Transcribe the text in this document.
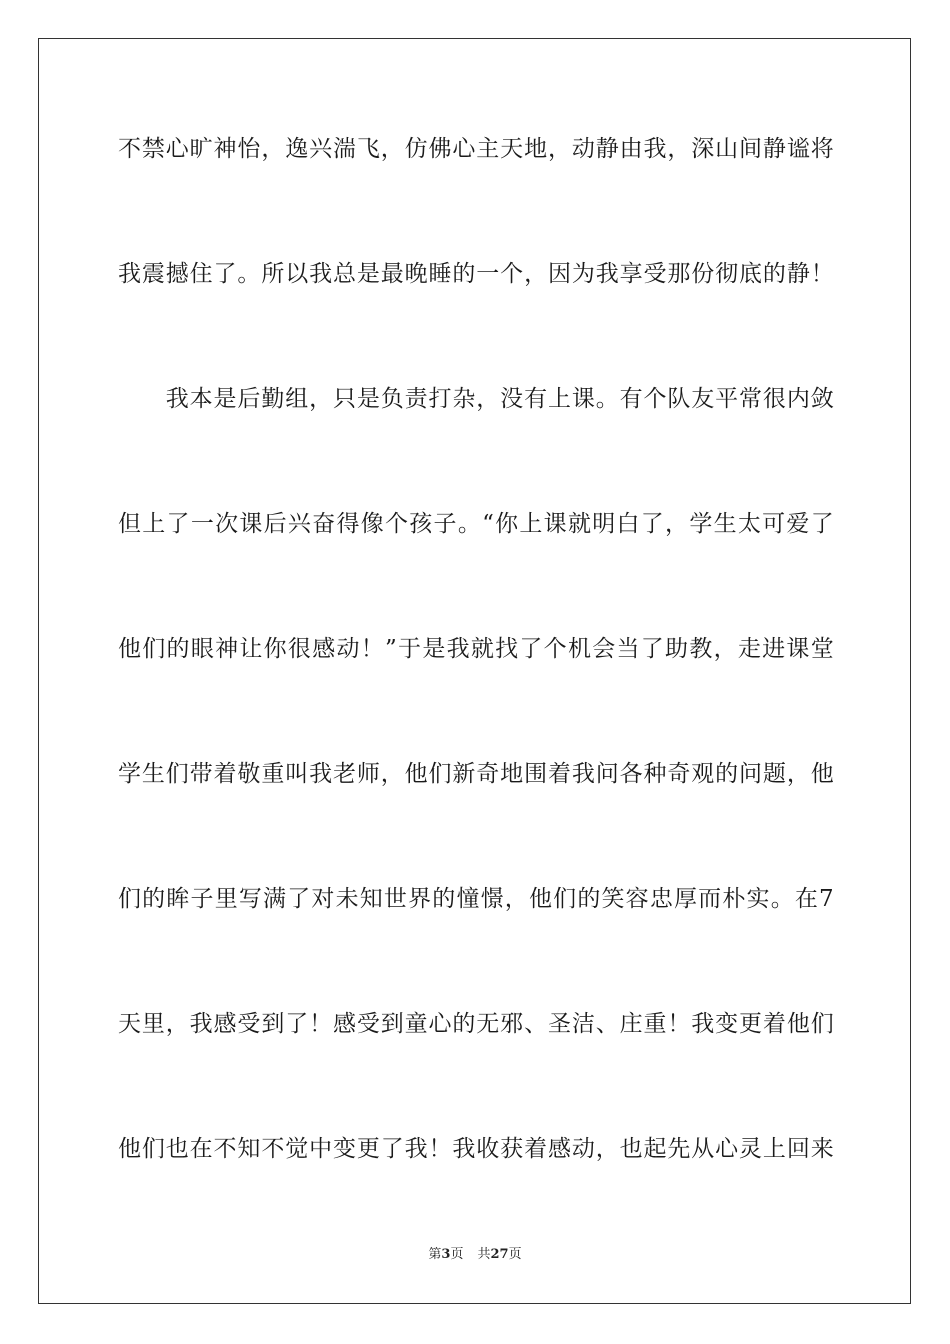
不禁心旷神怡，逸兴湍飞，仿佛心主天地，动静由我，深山间静谧将
我震撼住了。所以我总是最晚睡的一个，因为我享受那份彻底的静！
　　我本是后勤组，只是负责打杂，没有上课。有个队友平常很内敛
但上了一次课后兴奋得像个孩子。“你上课就明白了，学生太可爱了
他们的眼神让你很感动！”于是我就找了个机会当了助教，走进课堂
学生们带着敬重叫我老师，他们新奇地围着我问各种奇观的问题，他
们的眸子里写满了对未知世界的憧憬，他们的笑容忠厚而朴实。在7
天里，我感受到了！感受到童心的无邪、圣洁、庄重！我变更着他们
他们也在不知不觉中变更了我！我收获着感动，也起先从心灵上回来
第3页 共27页
